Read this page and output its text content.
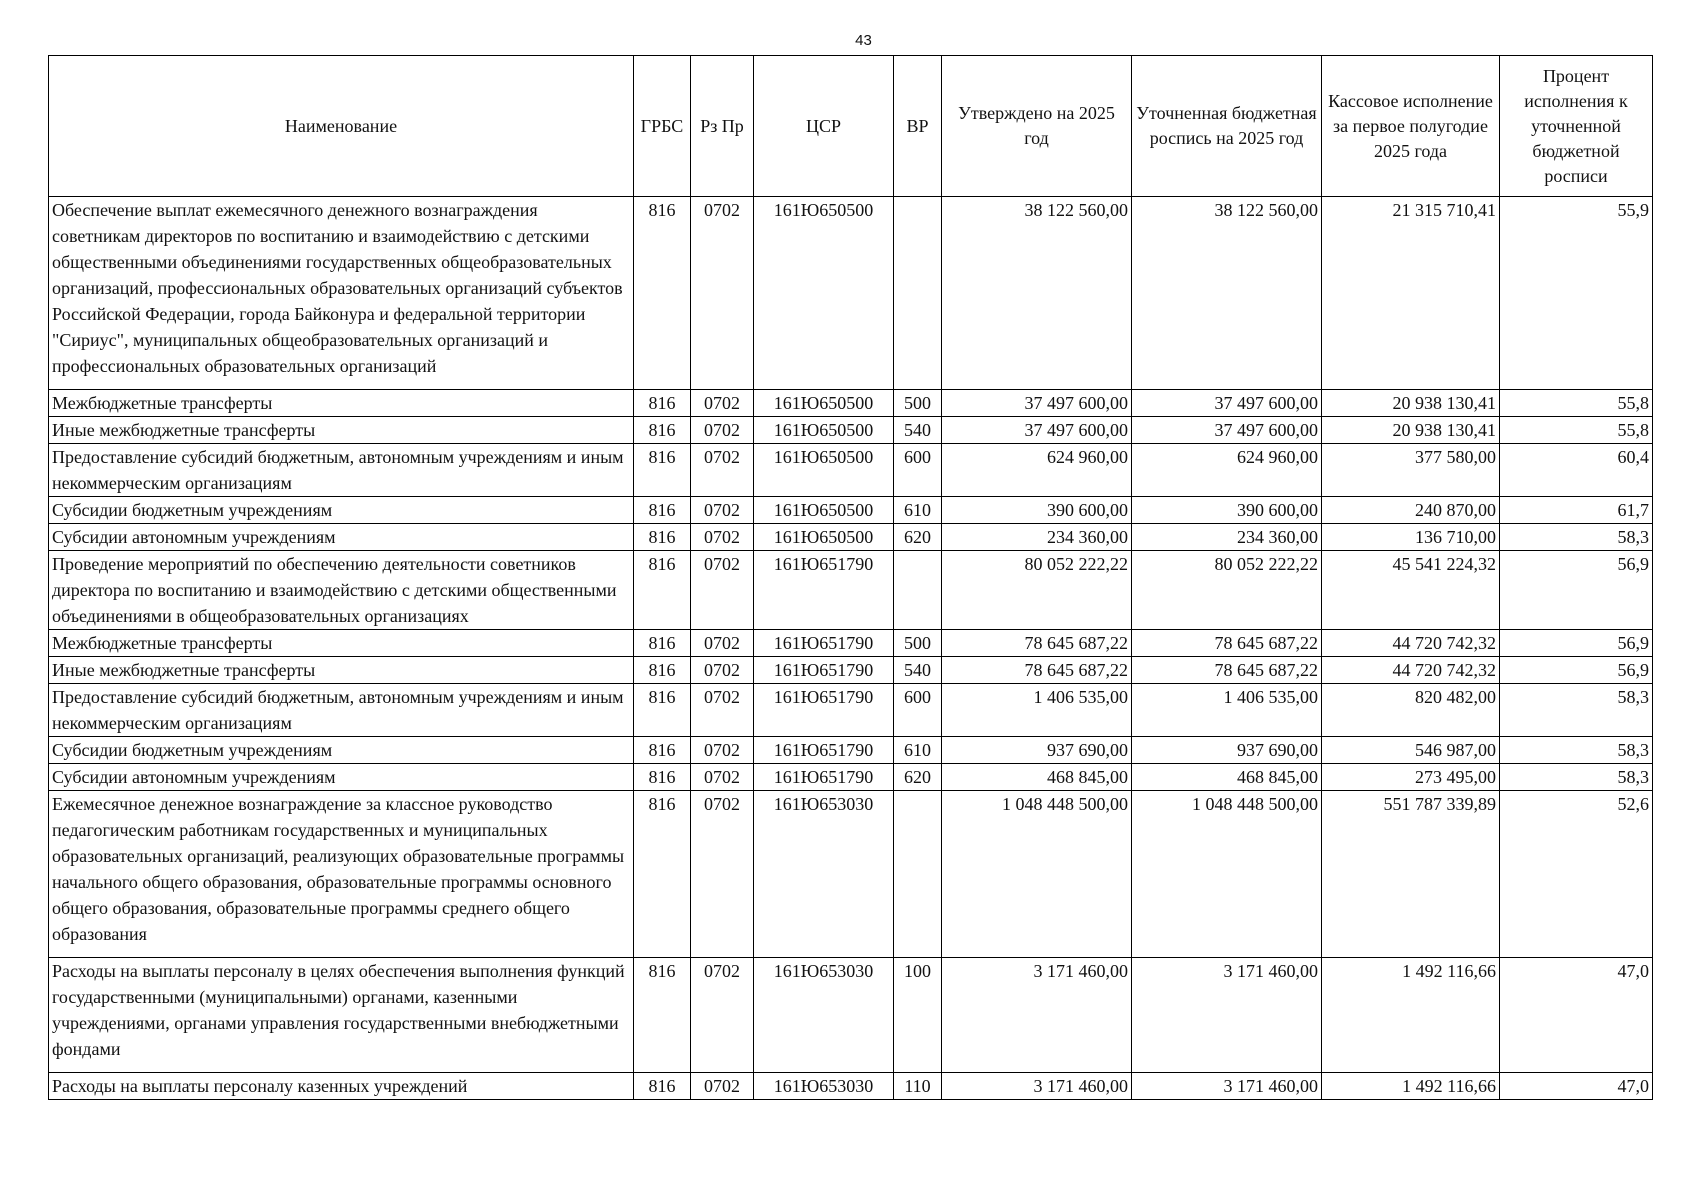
43
Наименование	ГРБС	Рз Пр	ЦСР	ВР	Утверждено на 2025 год	Уточненная бюджетная роспись на 2025 год	Кассовое исполнение за первое полугодие 2025 года	Процент исполнения к уточненной бюджетной росписи
Обеспечение выплат ежемесячного денежного вознаграждения советникам директоров по воспитанию и взаимодействию с детскими общественными объединениями государственных общеобразовательных организаций, профессиональных образовательных организаций субъектов Российской Федерации, города Байконура и федеральной территории "Сириус", муниципальных общеобразовательных организаций и профессиональных образовательных организаций	816	0702	161Ю650500		38 122 560,00	38 122 560,00	21 315 710,41	55,9
Межбюджетные трансферты	816	0702	161Ю650500	500	37 497 600,00	37 497 600,00	20 938 130,41	55,8
Иные межбюджетные трансферты	816	0702	161Ю650500	540	37 497 600,00	37 497 600,00	20 938 130,41	55,8
Предоставление субсидий бюджетным, автономным учреждениям и иным некоммерческим организациям	816	0702	161Ю650500	600	624 960,00	624 960,00	377 580,00	60,4
Субсидии бюджетным учреждениям	816	0702	161Ю650500	610	390 600,00	390 600,00	240 870,00	61,7
Субсидии автономным учреждениям	816	0702	161Ю650500	620	234 360,00	234 360,00	136 710,00	58,3
Проведение мероприятий по обеспечению деятельности советников директора по воспитанию и взаимодействию с детскими общественными объединениями в общеобразовательных организациях	816	0702	161Ю651790		80 052 222,22	80 052 222,22	45 541 224,32	56,9
Межбюджетные трансферты	816	0702	161Ю651790	500	78 645 687,22	78 645 687,22	44 720 742,32	56,9
Иные межбюджетные трансферты	816	0702	161Ю651790	540	78 645 687,22	78 645 687,22	44 720 742,32	56,9
Предоставление субсидий бюджетным, автономным учреждениям и иным некоммерческим организациям	816	0702	161Ю651790	600	1 406 535,00	1 406 535,00	820 482,00	58,3
Субсидии бюджетным учреждениям	816	0702	161Ю651790	610	937 690,00	937 690,00	546 987,00	58,3
Субсидии автономным учреждениям	816	0702	161Ю651790	620	468 845,00	468 845,00	273 495,00	58,3
Ежемесячное денежное вознаграждение за классное руководство педагогическим работникам государственных и муниципальных образовательных организаций, реализующих образовательные программы начального общего образования, образовательные программы основного общего образования, образовательные программы среднего общего образования	816	0702	161Ю653030		1 048 448 500,00	1 048 448 500,00	551 787 339,89	52,6
Расходы на выплаты персоналу в целях обеспечения выполнения функций государственными (муниципальными) органами, казенными учреждениями, органами управления государственными внебюджетными фондами	816	0702	161Ю653030	100	3 171 460,00	3 171 460,00	1 492 116,66	47,0
Расходы на выплаты персоналу казенных учреждений	816	0702	161Ю653030	110	3 171 460,00	3 171 460,00	1 492 116,66	47,0
